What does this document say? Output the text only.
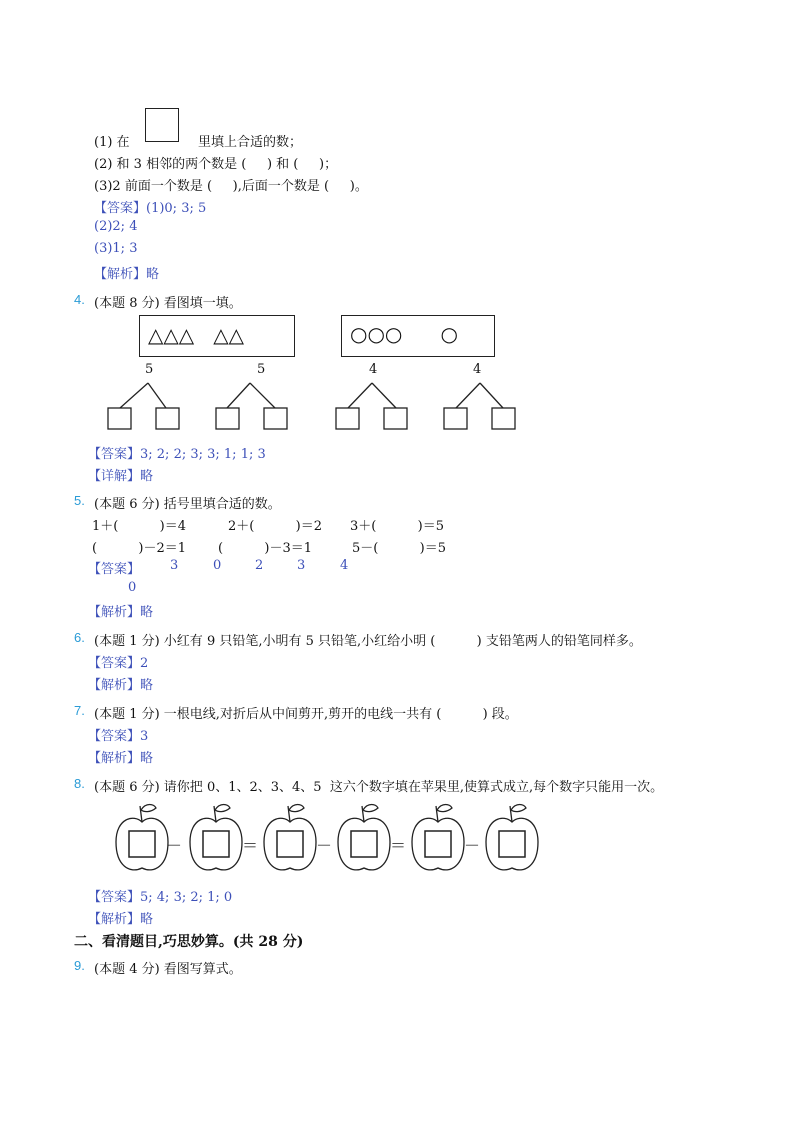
(1) 在	里填上合适的数；
(2) 和 3 相邻的两个数是 (     ) 和 (     )；
(3)2 前面一个数是 (     ),后面一个数是 (     )。
【答案】(1)0; 3; 5
(2)2; 4
(3)1; 3
【解析】略
4. (本题 8 分) 看图填一填。
△△△   △△	○○○      ○
5	5	4	4
【答案】3; 2; 2; 3; 3; 1; 1; 3
【详解】略
5. (本题 6 分) 括号里填合适的数。
1＋(          )＝4	2＋(          )＝2 3＋(          )＝5
(          )－2＝1 (          )－3＝1	5－(          )＝5
【答案】 3	0	2	3	4
0
【解析】略
6. (本题 1 分) 小红有 9 只铅笔,小明有 5 只铅笔,小红给小明 (          ) 支铅笔两人的铅笔同样多。
【答案】2
【解析】略
7. (本题 1 分) 一根电线,对折后从中间剪开,剪开的电线一共有 (          ) 段。
【答案】3
【解析】略
8. (本题 6 分) 请你把 0、1、2、3、4、5  这六个数字填在苹果里,使算式成立,每个数字只能用一次。
－	＝	－	＝	－
【答案】5; 4; 3; 2; 1; 0
【解析】略
二、看清题目,巧思妙算。(共 28 分)
9. (本题 4 分) 看图写算式。
